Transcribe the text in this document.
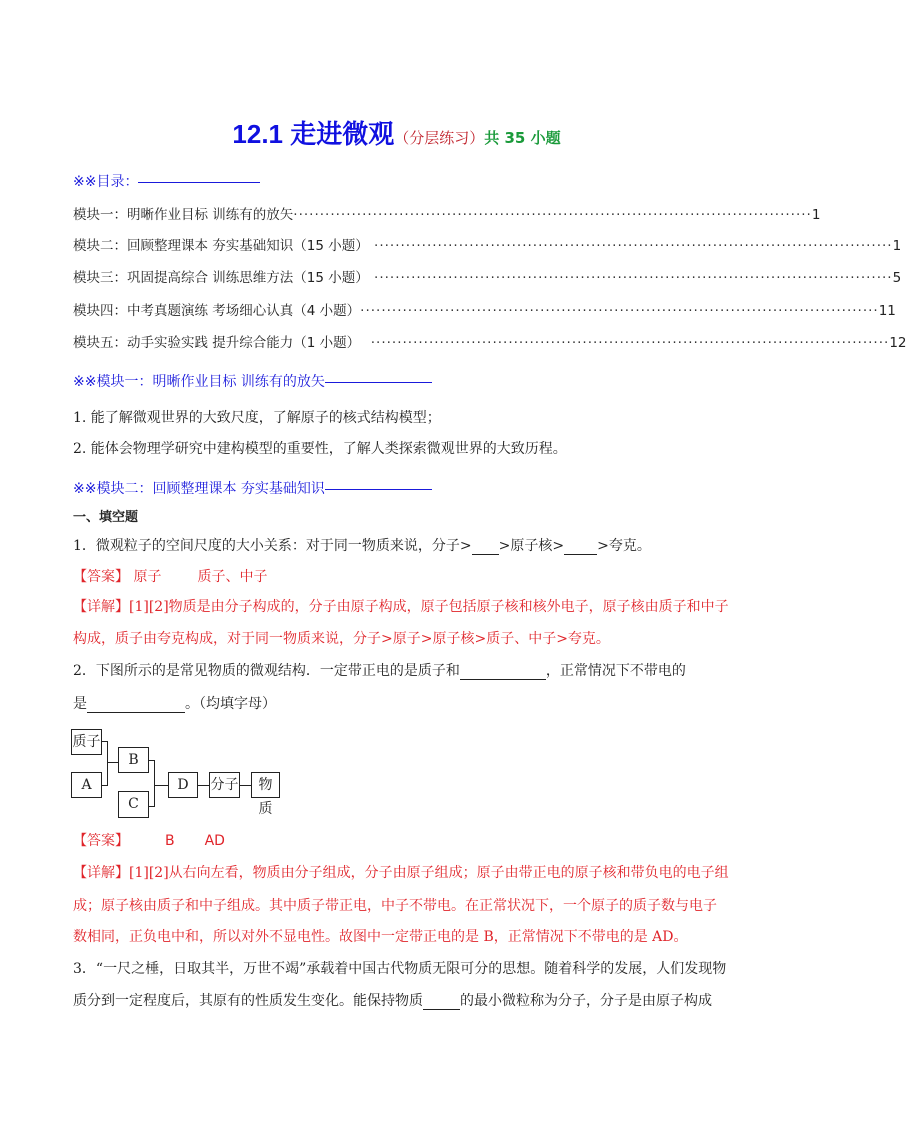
12.1 走进微观（分层练习）共 35 小题
※※目录：
模块一：明晰作业目标 训练有的放矢 ·································································································· 1
模块二：回顾整理课本 夯实基础知识（15 小题） ·································································································· 1
模块三：巩固提高综合 训练思维方法（15 小题） ·································································································· 5
模块四：中考真题演练 考场细心认真（4 小题） ·································································································· 11
模块五：动手实验实践 提升综合能力（1 小题） ·································································································· 12
※※模块一：明晰作业目标 训练有的放矢
1. 能了解微观世界的大致尺度，了解原子的核式结构模型；
2. 能体会物理学研究中建构模型的重要性，了解人类探索微观世界的大致历程。
※※模块二：回顾整理课本 夯实基础知识
一、填空题
1．微观粒子的空间尺度的大小关系：对于同一物质来说，分子> >原子核> >夸克。
【答案】 原子	质子、中子
【详解】[1][2]物质是由分子构成的，分子由原子构成，原子包括原子核和核外电子，原子核由质子和中子
构成，质子由夸克构成，对于同一物质来说，分子>原子>原子核>质子、中子>夸克。
2．下图所示的是常见物质的微观结构．一定带正电的是质子和	，正常情况下不带电的
是	。（均填字母）
质子
A
B
C
D	分子	物质
【答案】	B AD
【详解】[1][2]从右向左看，物质由分子组成，分子由原子组成；原子由带正电的原子核和带负电的电子组
成；原子核由质子和中子组成。其中质子带正电，中子不带电。在正常状况下，一个原子的质子数与电子
数相同，正负电中和，所以对外不显电性。故图中一定带正电的是 B，正常情况下不带电的是 AD。
3．“一尺之棰，日取其半，万世不竭”承载着中国古代物质无限可分的思想。随着科学的发展，人们发现物
质分到一定程度后，其原有的性质发生变化。能保持物质	的最小微粒称为分子，分子是由原子构成
